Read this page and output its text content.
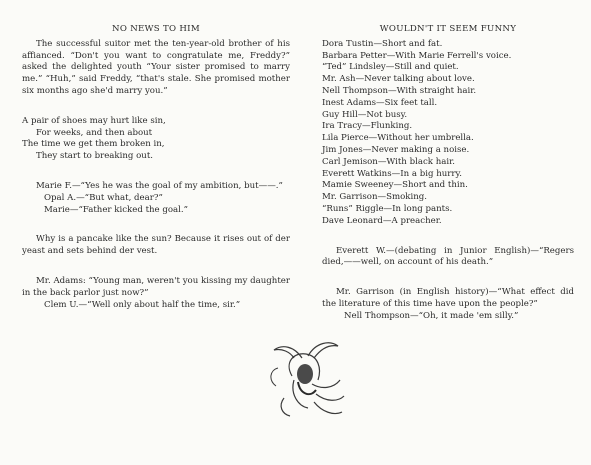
NO NEWS TO HIM

The successful suitor met the ten-year-old brother of his affianced. “Don't you want to congratulate me, Freddy?” asked the delighted youth “Your sister promised to marry me.” “Huh,” said Freddy, “that's stale. She promised mother six months ago she'd marry you.”

A pair of shoes may hurt like sin,

For weeks, and then about

The time we get them broken in,

They start to breaking out.

Marie F.—“Yes he was the goal of my ambition, but——.”

Opal A.—“But what, dear?”

Marie—“Father kicked the goal.”

Why is a pancake like the sun? Because it rises out of der yeast and sets behind der vest.

Mr. Adams: “Young man, weren't you kissing my daughter in the back parlor just now?”

Clem U.—“Well only about half the time, sir.”

WOULDN'T IT SEEM FUNNY

Dora Tustin—Short and fat.

Barbara Petter—With Marie Ferrell's voice.

“Ted” Lindsley—Still and quiet.

Mr. Ash—Never talking about love.

Nell Thompson—With straight hair.

Inest Adams—Six feet tall.

Guy Hill—Not busy.

Ira Tracy—Flunking.

Lila Pierce—Without her umbrella.

Jim Jones—Never making a noise.

Carl Jemison—With black hair.

Everett Watkins—In a big hurry.

Mamie Sweeney—Short and thin.

Mr. Garrison—Smoking.

“Runs” Riggle—In long pants.

Dave Leonard—A preacher.

Everett W.—(debating in Junior English)—“Regers died,——well, on account of his death.”

Mr. Garrison (in English history)—“What effect did the literature of this time have upon the people?”

Nell Thompson—“Oh, it made 'em silly.”
